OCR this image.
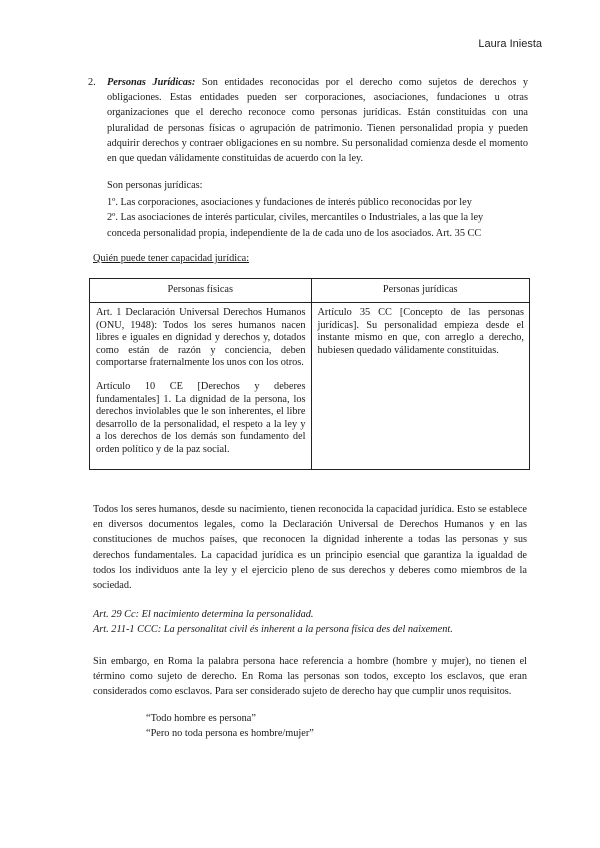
Laura Iniesta
2. Personas Jurídicas: Son entidades reconocidas por el derecho como sujetos de derechos y obligaciones. Estas entidades pueden ser corporaciones, asociaciones, fundaciones u otras organizaciones que el derecho reconoce como personas jurídicas. Están constituidas con una pluralidad de personas físicas o agrupación de patrimonio. Tienen personalidad propia y pueden adquirir derechos y contraer obligaciones en su nombre. Su personalidad comienza desde el momento en que quedan válidamente constituidas de acuerdo con la ley.
Son personas jurídicas:
1º. Las corporaciones, asociaciones y fundaciones de interés público reconocidas por ley
2º. Las asociaciones de interés particular, civiles, mercantiles o Industriales, a las que la ley
conceda personalidad propia, independiente de la de cada uno de los asociados. Art. 35 CC
Quién puede tener capacidad jurídica:
Personas físicas	Personas jurídicas

Art. 1 Declaración Universal Derechos Humanos (ONU, 1948): Todos los seres humanos nacen libres e iguales en dignidad y derechos y, dotados como están de razón y conciencia, deben comportarse fraternalmente los unos con los otros.

Artículo 10 CE [Derechos y deberes fundamentales] 1. La dignidad de la persona, los derechos inviolables que le son inherentes, el libre desarrollo de la personalidad, el respeto a la ley y a los derechos de los demás son fundamento del orden político y de la paz social.	Artículo 35 CC [Concepto de las personas jurídicas]. Su personalidad empieza desde el instante mismo en que, con arreglo a derecho, hubiesen quedado válidamente constituidas.

Todos los seres humanos, desde su nacimiento, tienen reconocida la capacidad jurídica. Esto se establece en diversos documentos legales, como la Declaración Universal de Derechos Humanos y en las constituciones de muchos países, que reconocen la dignidad inherente a todas las personas y sus derechos fundamentales. La capacidad jurídica es un principio esencial que garantiza la igualdad de todos los individuos ante la ley y el ejercicio pleno de sus derechos y deberes como miembros de la sociedad.
Art. 29 Cc: El nacimiento determina la personalidad.
Art. 211-1 CCC: La personalitat civil és inherent a la persona física des del naixement.
Sin embargo, en Roma la palabra persona hace referencia a hombre (hombre y mujer), no tienen el término como sujeto de derecho. En Roma las personas son todos, excepto los esclavos, que eran considerados como esclavos. Para ser considerado sujeto de derecho hay que cumplir unos requisitos.
“Todo hombre es persona”
“Pero no toda persona es hombre/mujer”
